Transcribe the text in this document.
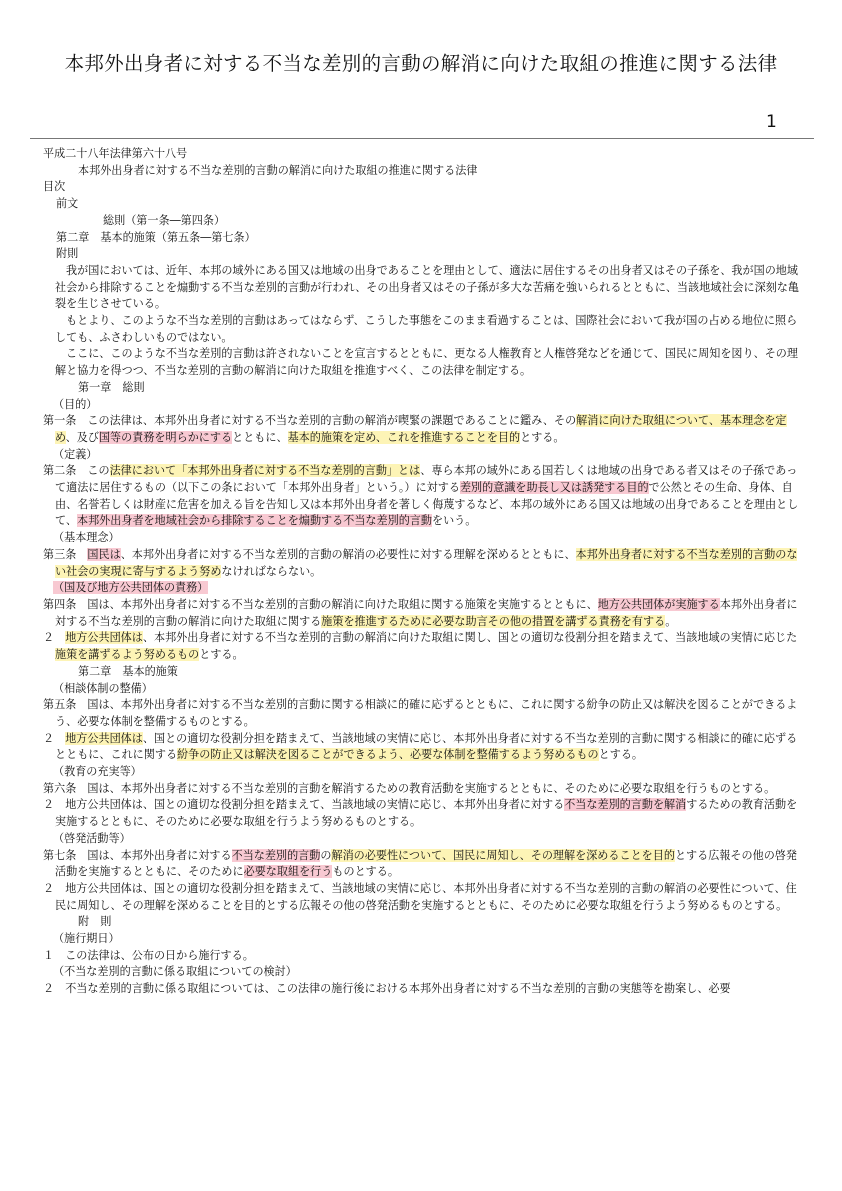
本邦外出身者に対する不当な差別的言動の解消に向けた取組の推進に関する法律
1
平成二十八年法律第六十八号
本邦外出身者に対する不当な差別的言動の解消に向けた取組の推進に関する法律
目次
前文
総則（第一条―第四条）
第二章　基本的施策（第五条―第七条）
附則
我が国においては、近年、本邦の域外にある国又は地域の出身であることを理由として、適法に居住するその出身者又はその子孫を、我が国の地域社会から排除することを煽動する不当な差別的言動が行われ、その出身者又はその子孫が多大な苦痛を強いられるとともに、当該地域社会に深刻な亀裂を生じさせている。
もとより、このような不当な差別的言動はあってはならず、こうした事態をこのまま看過することは、国際社会において我が国の占める地位に照らしても、ふさわしいものではない。
ここに、このような不当な差別的言動は許されないことを宣言するとともに、更なる人権教育と人権啓発などを通じて、国民に周知を図り、その理解と協力を得つつ、不当な差別的言動の解消に向けた取組を推進すべく、この法律を制定する。
第一章　総則
（目的）
第一条　この法律は、本邦外出身者に対する不当な差別的言動の解消が喫緊の課題であることに鑑み、その解消に向けた取組について、基本理念を定め、及び国等の責務を明らかにするとともに、基本的施策を定め、これを推進することを目的とする。
（定義）
第二条　この法律において「本邦外出身者に対する不当な差別的言動」とは、専ら本邦の域外にある国若しくは地域の出身である者又はその子孫であって適法に居住するもの（以下この条において「本邦外出身者」という。）に対する差別的意識を助長し又は誘発する目的で公然とその生命、身体、自由、名誉若しくは財産に危害を加える旨を告知し又は本邦外出身者を著しく侮蔑するなど、本邦の域外にある国又は地域の出身であることを理由として、本邦外出身者を地域社会から排除することを煽動する不当な差別的言動をいう。
（基本理念）
第三条　国民は、本邦外出身者に対する不当な差別的言動の解消の必要性に対する理解を深めるとともに、本邦外出身者に対する不当な差別的言動のない社会の実現に寄与するよう努めなければならない。
（国及び地方公共団体の責務）
第四条　国は、本邦外出身者に対する不当な差別的言動の解消に向けた取組に関する施策を実施するとともに、地方公共団体が実施する本邦外出身者に対する不当な差別的言動の解消に向けた取組に関する施策を推進するために必要な助言その他の措置を講ずる責務を有する。
２　地方公共団体は、本邦外出身者に対する不当な差別的言動の解消に向けた取組に関し、国との適切な役割分担を踏まえて、当該地域の実情に応じた施策を講ずるよう努めるものとする。
第二章　基本的施策
（相談体制の整備）
第五条　国は、本邦外出身者に対する不当な差別的言動に関する相談に的確に応ずるとともに、これに関する紛争の防止又は解決を図ることができるよう、必要な体制を整備するものとする。
２　地方公共団体は、国との適切な役割分担を踏まえて、当該地域の実情に応じ、本邦外出身者に対する不当な差別的言動に関する相談に的確に応ずるとともに、これに関する紛争の防止又は解決を図ることができるよう、必要な体制を整備するよう努めるものとする。
（教育の充実等）
第六条　国は、本邦外出身者に対する不当な差別的言動を解消するための教育活動を実施するとともに、そのために必要な取組を行うものとする。
２　地方公共団体は、国との適切な役割分担を踏まえて、当該地域の実情に応じ、本邦外出身者に対する不当な差別的言動を解消するための教育活動を実施するとともに、そのために必要な取組を行うよう努めるものとする。
（啓発活動等）
第七条　国は、本邦外出身者に対する不当な差別的言動の解消の必要性について、国民に周知し、その理解を深めることを目的とする広報その他の啓発活動を実施するとともに、そのために必要な取組を行うものとする。
２　地方公共団体は、国との適切な役割分担を踏まえて、当該地域の実情に応じ、本邦外出身者に対する不当な差別的言動の解消の必要性について、住民に周知し、その理解を深めることを目的とする広報その他の啓発活動を実施するとともに、そのために必要な取組を行うよう努めるものとする。
附　則
（施行期日）
１　この法律は、公布の日から施行する。
（不当な差別的言動に係る取組についての検討）
２　不当な差別的言動に係る取組については、この法律の施行後における本邦外出身者に対する不当な差別的言動の実態等を勘案し、必要
